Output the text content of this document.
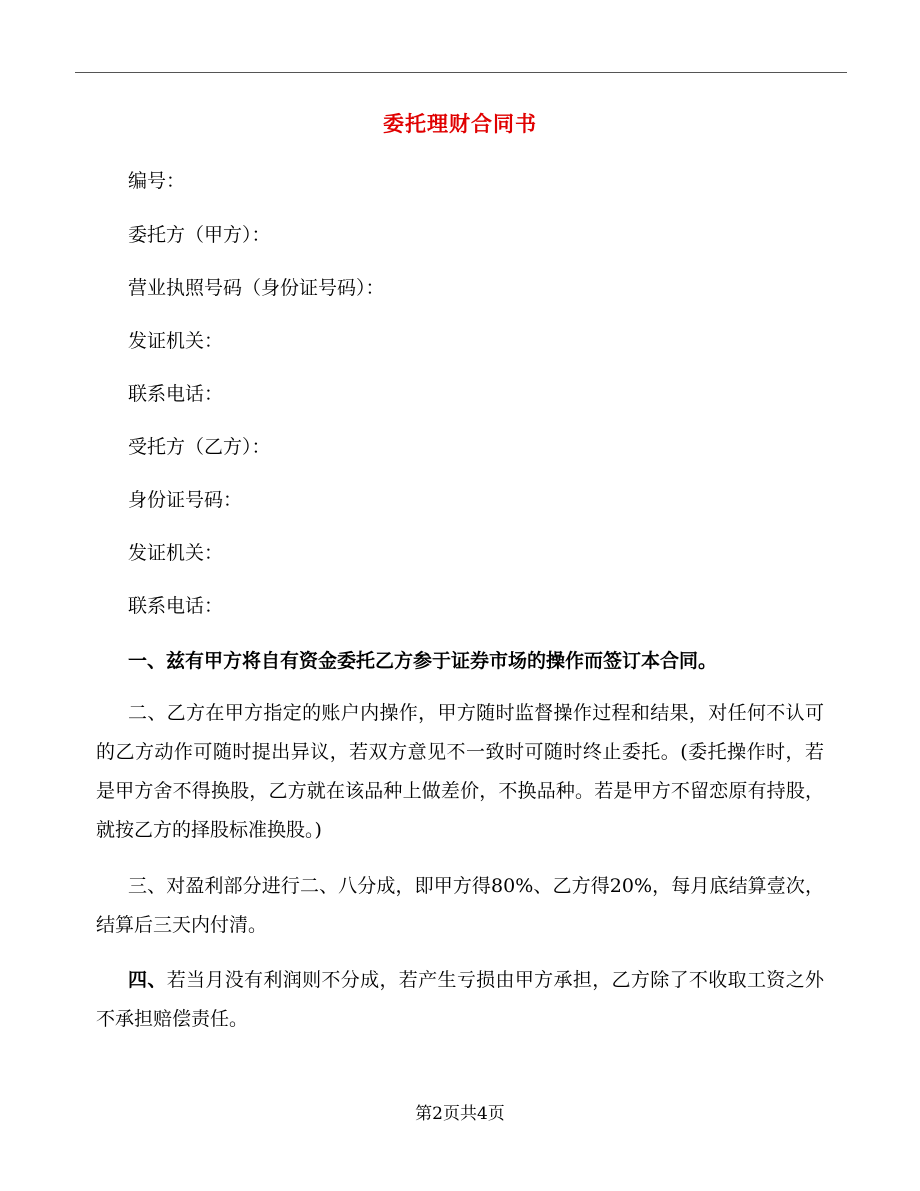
委托理财合同书
编号：
委托方（甲方）：
营业执照号码（身份证号码）：
发证机关：
联系电话：
受托方（乙方）：
身份证号码：
发证机关：
联系电话：

一、兹有甲方将自有资金委托乙方参于证券市场的操作而签订本合同。

二、乙方在甲方指定的账户内操作，甲方随时监督操作过程和结果，对任何不认可的乙方动作可随时提出异议，若双方意见不一致时可随时终止委托。(委托操作时，若是甲方舍不得换股，乙方就在该品种上做差价，不换品种。若是甲方不留恋原有持股，就按乙方的择股标准换股。)

三、对盈利部分进行二、八分成，即甲方得80%、乙方得20%，每月底结算壹次，结算后三天内付清。

四、若当月没有利润则不分成，若产生亏损由甲方承担，乙方除了不收取工资之外不承担赔偿责任。

第2页共4页
